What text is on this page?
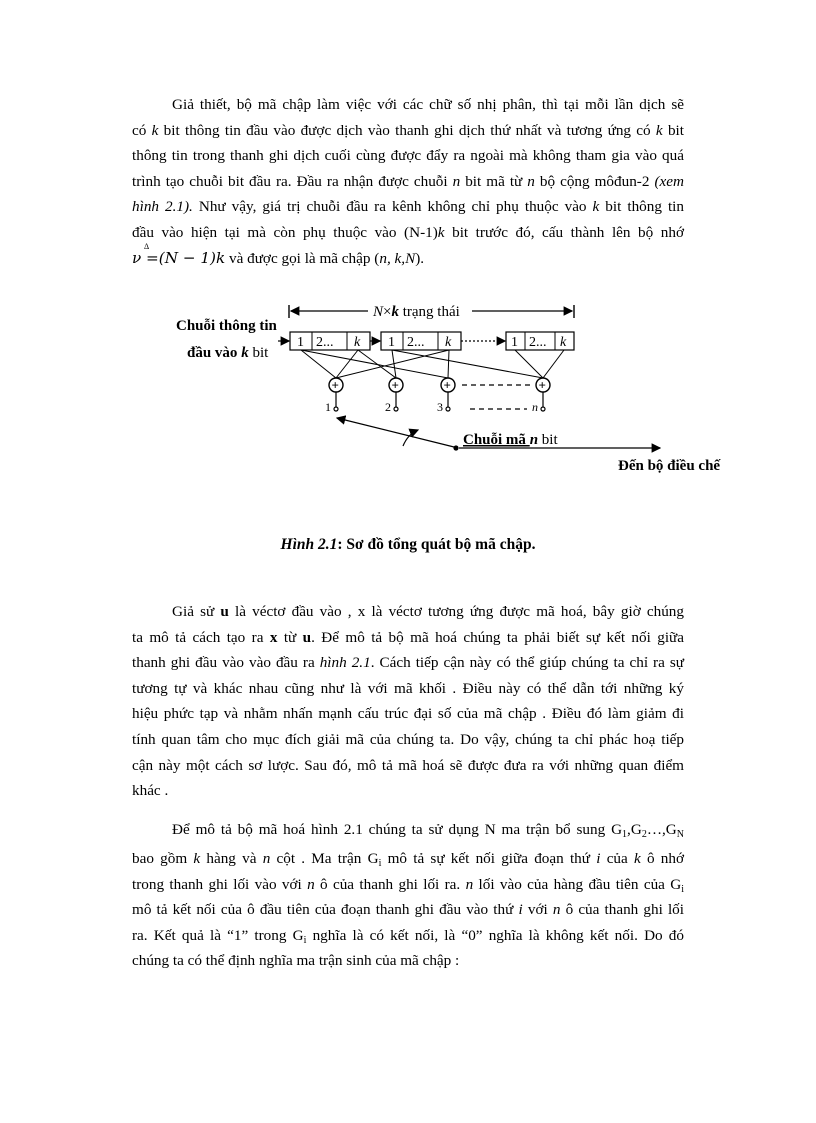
Giả thiết, bộ mã chập làm việc với các chữ số nhị phân, thì tại mỗi lần dịch sẽ
có k bit thông tin đầu vào được dịch vào thanh ghi dịch thứ nhất và tương ứng có k bit
thông tin trong thanh ghi dịch cuối cùng được đẩy ra ngoài mà không tham gia vào quá
trình tạo chuỗi bit đầu ra. Đầu ra nhận được chuỗi n bit mã từ n bộ cộng môđun-2 (xem
hình 2.1). Như vậy, giá trị chuỗi đầu ra kênh không chỉ phụ thuộc vào k bit thông tin
đầu vào hiện tại mà còn phụ thuộc vào (N-1)k bit trước đó, cấu thành lên bộ nhớ
Δ
ν =(N − 1)k và được gọi là mã chập (n, k,N).
N×k trạng thái
Chuỗi thông tin
đầu vào k bit
1 2... k 1 2... k	1 2... k
+	+	+	+
1	2	3	n
Chuỗi mã n bit
Đến bộ điều chế
Hình 2.1: Sơ đồ tổng quát bộ mã chập.
Giả sử u là véctơ đầu vào , x là véctơ tương ứng được mã hoá, bây giờ chúng
ta mô tả cách tạo ra x từ u. Để mô tả bộ mã hoá chúng ta phải biết sự kết nối giữa
thanh ghi đầu vào vào đầu ra hình 2.1. Cách tiếp cận này có thể giúp chúng ta chỉ ra sự
tương tự và khác nhau cũng như là với mã khối . Điều này có thể dẫn tới những ký
hiệu phức tạp và nhằm nhấn mạnh cấu trúc đại số của mã chập . Điều đó làm giảm đi
tính quan tâm cho mục đích giải mã của chúng ta. Do vậy, chúng ta chỉ phác hoạ tiếp
cận này một cách sơ lược. Sau đó, mô tả mã hoá sẽ được đưa ra với những quan điểm
khác .
Để mô tả bộ mã hoá hình 2.1 chúng ta sử dụng N ma trận bổ sung $G_1,G_2\dots,G_N$
bao gồm k hàng và n cột . Ma trận $G_i$ mô tả sự kết nối giữa đoạn thứ i của k ô nhớ
trong thanh ghi lối vào với n ô của thanh ghi lối ra. n lối vào của hàng đầu tiên của $G_i$
mô tả kết nối của ô đầu tiên của đoạn thanh ghi đầu vào thứ i với n ô của thanh ghi lối
ra. Kết quả là “1” trong $G_i$ nghĩa là có kết nối, là “0” nghĩa là không kết nối. Do đó
chúng ta có thể định nghĩa ma trận sinh của mã chập :
